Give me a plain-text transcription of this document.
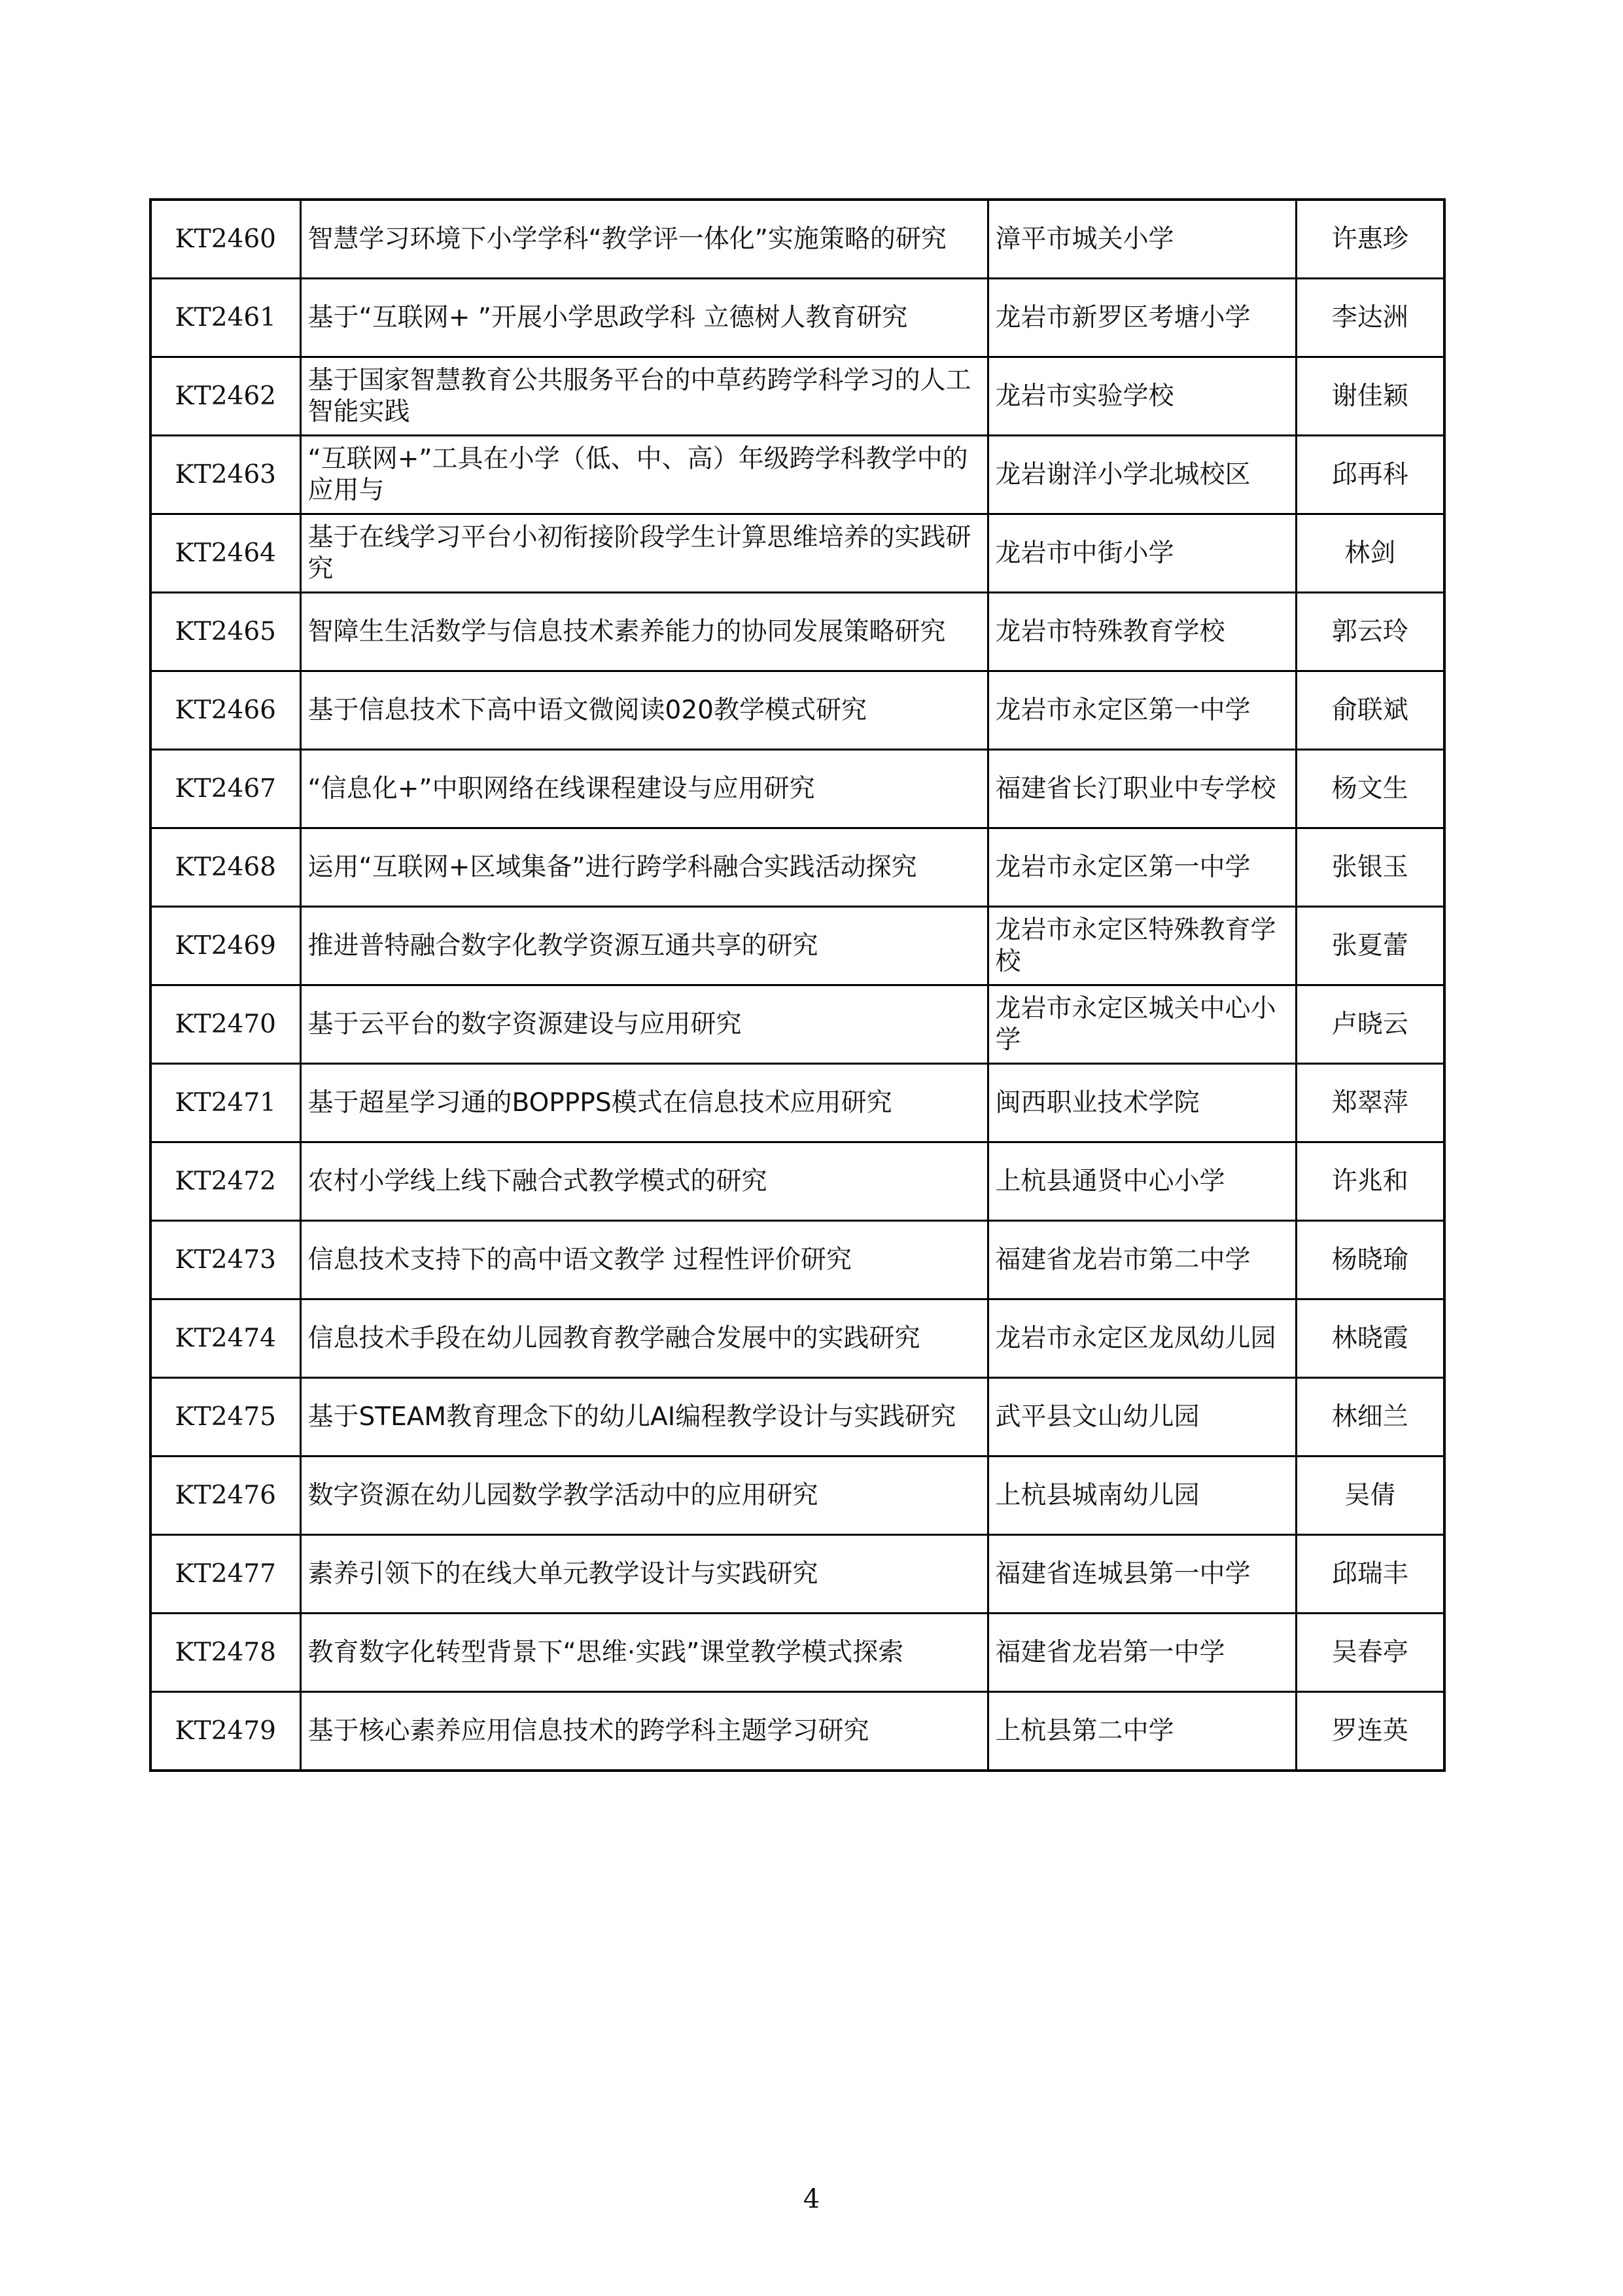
KT2460	智慧学习环境下小学学科“教学评一体化”实施策略的研究	漳平市城关小学	许惠珍
KT2461	基于“互联网+ ”开展小学思政学科 立德树人教育研究	龙岩市新罗区考塘小学	李达洲
KT2462	基于国家智慧教育公共服务平台的中草药跨学科学习的人工智能实践	龙岩市实验学校	谢佳颖
KT2463	“互联网+”工具在小学（低、中、高）年级跨学科教学中的应用与	龙岩谢洋小学北城校区	邱再科
KT2464	基于在线学习平台小初衔接阶段学生计算思维培养的实践研究	龙岩市中街小学	林剑
KT2465	智障生生活数学与信息技术素养能力的协同发展策略研究	龙岩市特殊教育学校	郭云玲
KT2466	基于信息技术下高中语文微阅读020教学模式研究	龙岩市永定区第一中学	俞联斌
KT2467	“信息化+”中职网络在线课程建设与应用研究	福建省长汀职业中专学校	杨文生
KT2468	运用“互联网+区域集备”进行跨学科融合实践活动探究	龙岩市永定区第一中学	张银玉
KT2469	推进普特融合数字化教学资源互通共享的研究	龙岩市永定区特殊教育学校	张夏蕾
KT2470	基于云平台的数字资源建设与应用研究	龙岩市永定区城关中心小学	卢晓云
KT2471	基于超星学习通的BOPPPS模式在信息技术应用研究	闽西职业技术学院	郑翠萍
KT2472	农村小学线上线下融合式教学模式的研究	上杭县通贤中心小学	许兆和
KT2473	信息技术支持下的高中语文教学 过程性评价研究	福建省龙岩市第二中学	杨晓瑜
KT2474	信息技术手段在幼儿园教育教学融合发展中的实践研究	龙岩市永定区龙凤幼儿园	林晓霞
KT2475	基于STEAM教育理念下的幼儿AI编程教学设计与实践研究	武平县文山幼儿园	林细兰
KT2476	数字资源在幼儿园数学教学活动中的应用研究	上杭县城南幼儿园	吴倩
KT2477	素养引领下的在线大单元教学设计与实践研究	福建省连城县第一中学	邱瑞丰
KT2478	教育数字化转型背景下“思维·实践”课堂教学模式探索	福建省龙岩第一中学	吴春亭
KT2479	基于核心素养应用信息技术的跨学科主题学习研究	上杭县第二中学	罗连英
4
